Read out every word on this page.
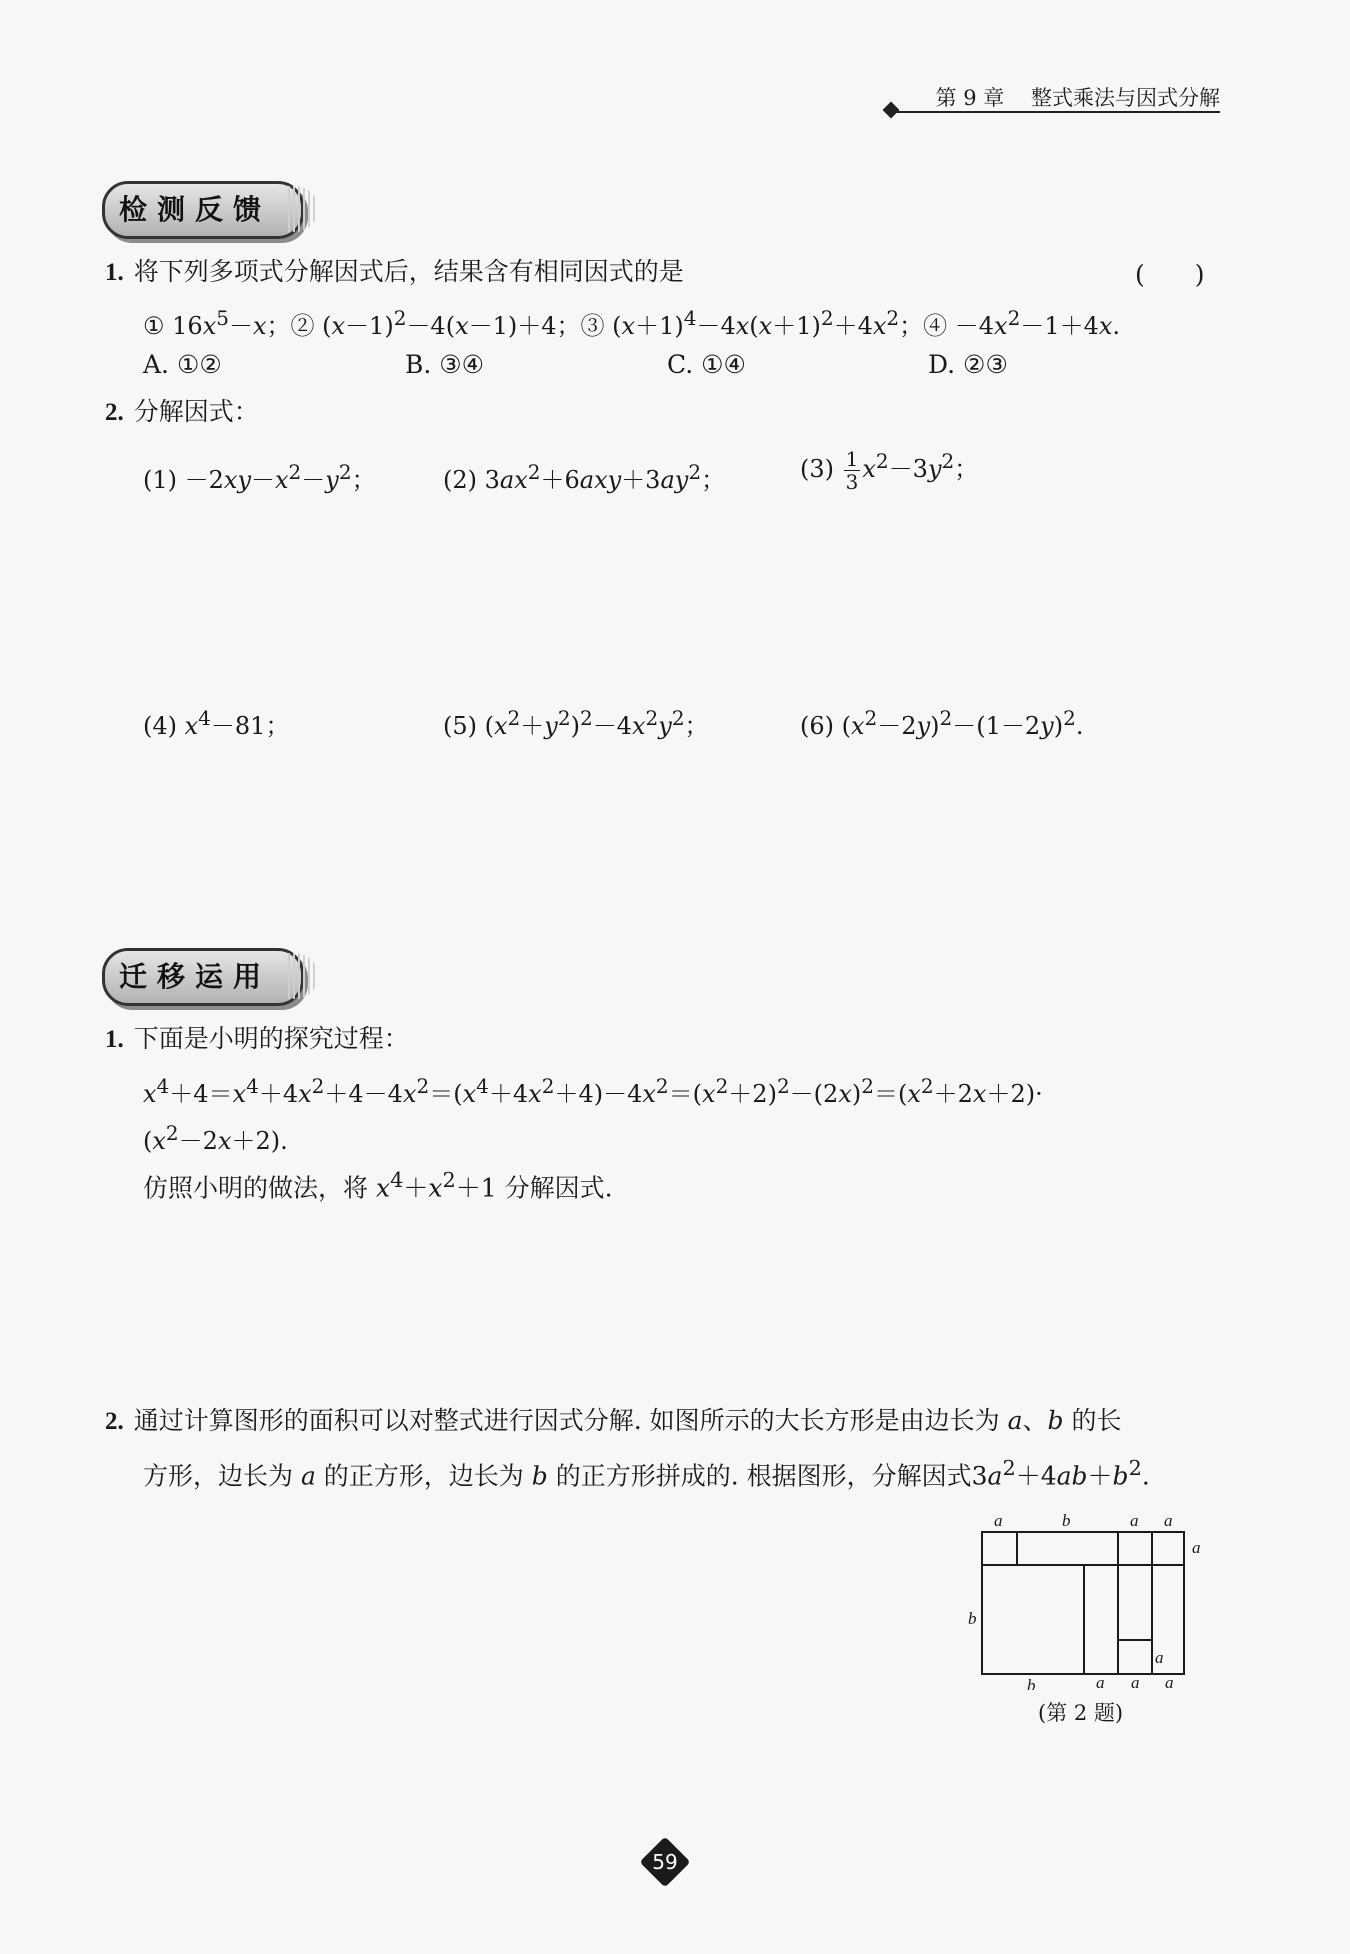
第 9 章 整式乘法与因式分解
检测反馈
1. 将下列多项式分解因式后，结果含有相同因式的是	(　　)
① $16x^5-x$；② $(x-1)^2-4(x-1)+4$；③ $(x+1)^4-4x(x+1)^2+4x^2$；④ $-4x^2-1+4x$.
A. ①②	B. ③④	C. ①④	D. ②③
2. 分解因式：
$(1) -2xy-x^2-y^2$；	(2) $3ax^2+6axy+3ay^2$；	$(3) \frac{1}{3} x^2-3y^2$；
(4) $x^4-81$；	(5) $(x^2+y^2)^2-4x^2y^2$；	(6) $(x^2-2y)^2-(1-2y)^2$.
迁移运用
1. 下面是小明的探究过程：
$x^4+4=x^4+4x^2+4-4x^2=(x^4+4x^2+4)-4x^2=(x^2+2)^2-(2x)^2=(x^2+2x+2)\cdot$
$(x^2-2x+2)$.
仿照小明的做法，将 $x^4+x^2+1$ 分解因式.
2. 通过计算图形的面积可以对整式进行因式分解. 如图所示的大长方形是由边长为 a、b 的长
方形，边长为 a 的正方形，边长为 b 的正方形拼成的. 根据图形，分解因式$3a^2+4ab+b^2$.
a	b	a a
a
b
a
b	a a a
(第 2 题)
59
